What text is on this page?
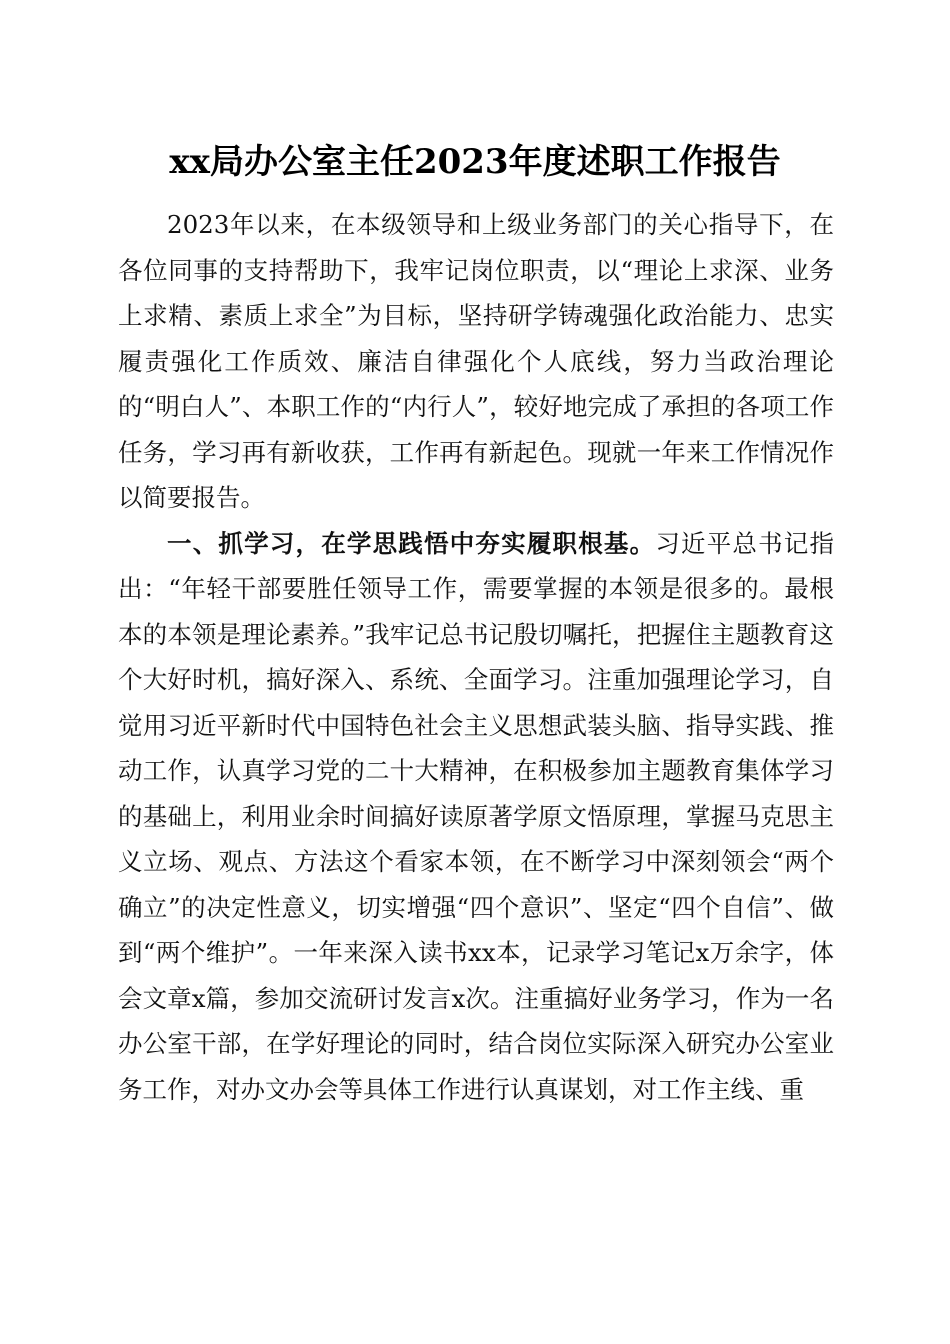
xx局办公室主任2023年度述职工作报告

2023年以来，在本级领导和上级业务部门的关心指导下，在各位同事的支持帮助下，我牢记岗位职责，以“理论上求深、业务上求精、素质上求全”为目标，坚持研学铸魂强化政治能力、忠实履责强化工作质效、廉洁自律强化个人底线，努力当政治理论的“明白人”、本职工作的“内行人”，较好地完成了承担的各项工作任务，学习再有新收获，工作再有新起色。现就一年来工作情况作以简要报告。

一、抓学习，在学思践悟中夯实履职根基。习近平总书记指出：“年轻干部要胜任领导工作，需要掌握的本领是很多的。最根本的本领是理论素养。”我牢记总书记殷切嘱托，把握住主题教育这个大好时机，搞好深入、系统、全面学习。注重加强理论学习，自觉用习近平新时代中国特色社会主义思想武装头脑、指导实践、推动工作，认真学习党的二十大精神，在积极参加主题教育集体学习的基础上，利用业余时间搞好读原著学原文悟原理，掌握马克思主义立场、观点、方法这个看家本领，在不断学习中深刻领会“两个确立”的决定性意义，切实增强“四个意识”、坚定“四个自信”、做到“两个维护”。一年来深入读书xx本，记录学习笔记x万余字，体会文章x篇，参加交流研讨发言x次。注重搞好业务学习，作为一名办公室干部，在学好理论的同时，结合岗位实际深入研究办公室业务工作，对办文办会等具体工作进行认真谋划，对工作主线、重
